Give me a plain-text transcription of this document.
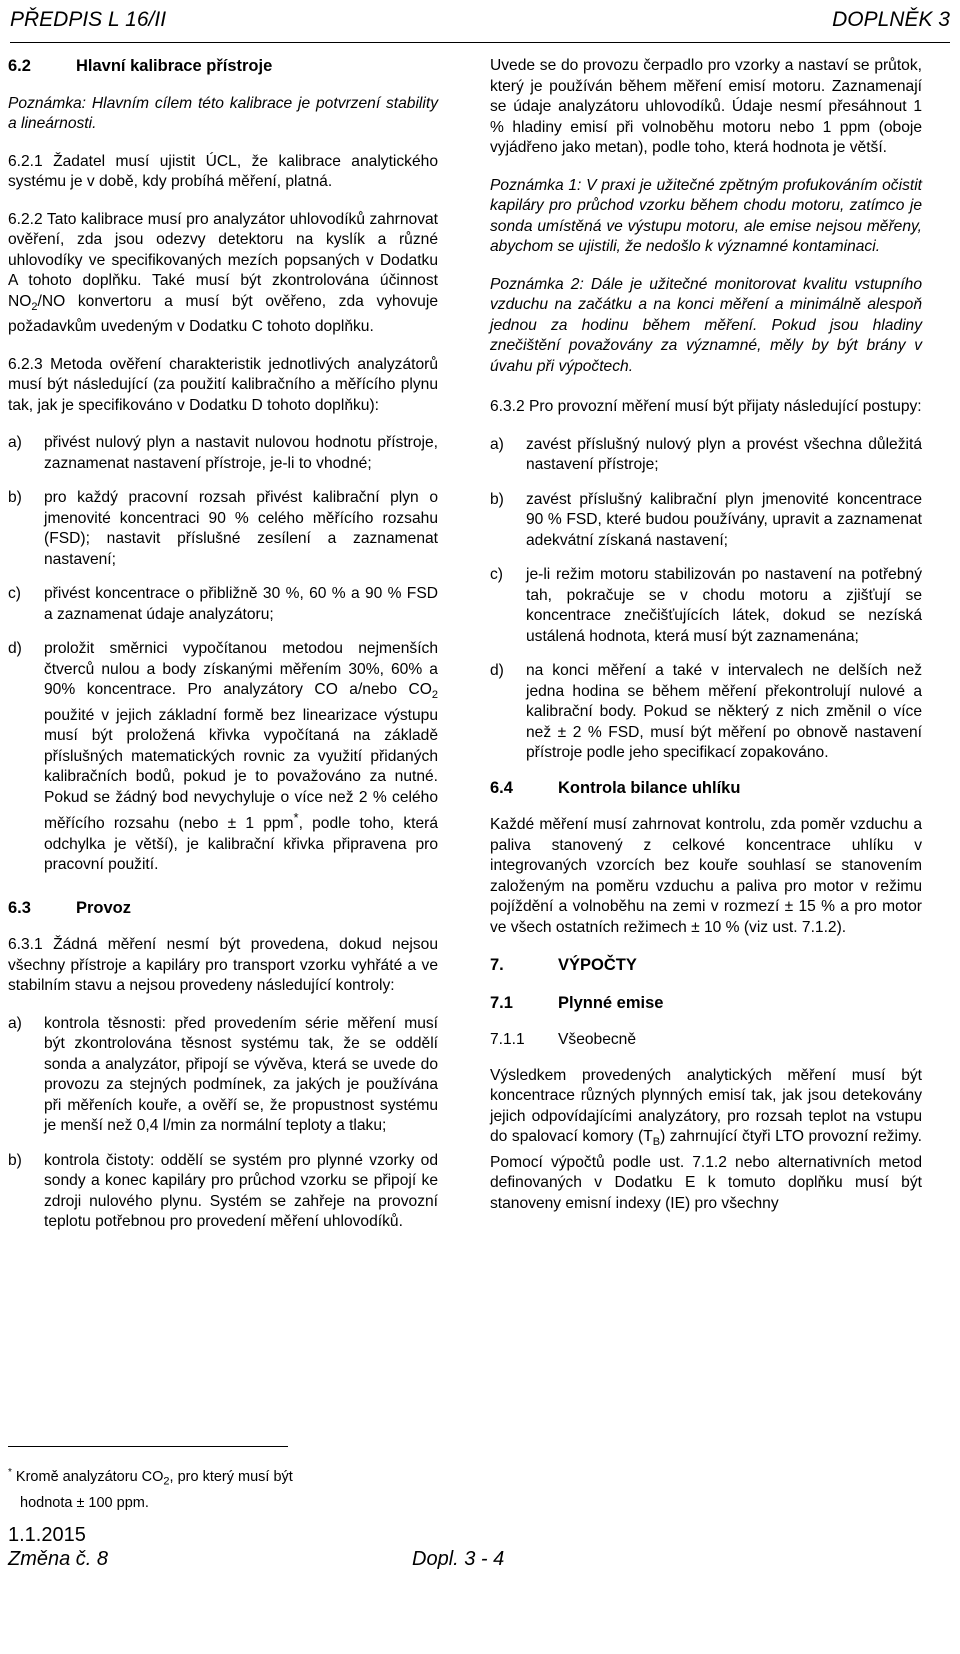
PŘEDPIS L 16/II	DOPLNĚK 3
6.2	Hlavní kalibrace přístroje

Poznámka: Hlavním cílem této kalibrace je potvrzení stability a lineárnosti.

6.2.1 Žadatel musí ujistit ÚCL, že kalibrace analytického systému je v době, kdy probíhá měření, platná.

6.2.2 Tato kalibrace musí pro analyzátor uhlovodíků zahrnovat ověření, zda jsou odezvy detektoru na kyslík a různé uhlovodíky ve specifikovaných mezích popsaných v Dodatku A tohoto doplňku. Také musí být zkontrolována účinnost $NO_2/NO$ konvertoru a musí být ověřeno, zda vyhovuje požadavkům uvedeným v Dodatku C tohoto doplňku.

6.2.3 Metoda ověření charakteristik jednotlivých analyzátorů musí být následující (za použití kalibračního a měřícího plynu tak, jak je specifikováno v Dodatku D tohoto doplňku):

a)	přivést nulový plyn a nastavit nulovou hodnotu přístroje, zaznamenat nastavení přístroje, je-li to vhodné;
b)	pro každý pracovní rozsah přivést kalibrační plyn o jmenovité koncentraci 90 % celého měřícího rozsahu (FSD); nastavit příslušné zesílení a zaznamenat nastavení;
c)	přivést koncentrace o přibližně 30 %, 60 % a 90 % FSD a zaznamenat údaje analyzátoru;
d)	proložit směrnici vypočítanou metodou nejmenších čtverců nulou a body získanými měřením 30%, 60% a 90% koncentrace. Pro analyzátory CO a/nebo $CO_2$ použité v jejich základní formě bez linearizace výstupu musí být proložená křivka vypočítaná na základě příslušných matematických rovnic za využití přidaných kalibračních bodů, pokud je to považováno za nutné. Pokud se žádný bod nevychyluje o více než 2 % celého měřícího rozsahu (nebo ± 1 ppm*, podle toho, která odchylka je větší), je kalibrační křivka připravena pro pracovní použití.
6.3	Provoz

6.3.1 Žádná měření nesmí být provedena, dokud nejsou všechny přístroje a kapiláry pro transport vzorku vyhřáté a ve stabilním stavu a nejsou provedeny následující kontroly:

a)	kontrola těsnosti: před provedením série měření musí být zkontrolována těsnost systému tak, že se oddělí sonda a analyzátor, připojí se vývěva, která se uvede do provozu za stejných podmínek, za jakých je používána při měřeních kouře, a ověří se, že propustnost systému je menší než 0,4 l/min za normální teploty a tlaku;
b)	kontrola čistoty: oddělí se systém pro plynné vzorky od sondy a konec kapiláry pro průchod vzorku se připojí ke zdroji nulového plynu. Systém se zahřeje na provozní teplotu potřebnou pro provedení měření uhlovodíků.
* Kromě analyzátoru $CO_2$, pro který musí být
hodnota ± 100 ppm.

Uvede se do provozu čerpadlo pro vzorky a nastaví se průtok, který je používán během měření emisí motoru. Zaznamenají se údaje analyzátoru uhlovodíků. Údaje nesmí přesáhnout 1 % hladiny emisí při volnoběhu motoru nebo 1 ppm (oboje vyjádřeno jako metan), podle toho, která hodnota je větší.

Poznámka 1: V praxi je užitečné zpětným profukováním očistit kapiláry pro průchod vzorku během chodu motoru, zatímco je sonda umístěná ve výstupu motoru, ale emise nejsou měřeny, abychom se ujistili, že nedošlo k významné kontaminaci.

Poznámka 2: Dále je užitečné monitorovat kvalitu vstupního vzduchu na začátku a na konci měření a minimálně alespoň jednou za hodinu během měření. Pokud jsou hladiny znečištění považovány za významné, měly by být brány v úvahu při výpočtech.

6.3.2 Pro provozní měření musí být přijaty následující postupy:

a)	zavést příslušný nulový plyn a provést všechna důležitá nastavení přístroje;
b)	zavést příslušný kalibrační plyn jmenovité koncentrace 90 % FSD, které budou používány, upravit a zaznamenat adekvátní získaná nastavení;
c)	je-li režim motoru stabilizován po nastavení na potřebný tah, pokračuje se v chodu motoru a zjišťují se koncentrace znečišťujících látek, dokud se nezíská ustálená hodnota, která musí být zaznamenána;
d)	na konci měření a také v intervalech ne delších než jedna hodina se během měření překontrolují nulové a kalibrační body. Pokud se některý z nich změnil o více než ± 2 % FSD, musí být měření po obnově nastavení přístroje podle jeho specifikací zopakováno.
6.4	Kontrola bilance uhlíku

Každé měření musí zahrnovat kontrolu, zda poměr vzduchu a paliva stanovený z celkové koncentrace uhlíku v integrovaných vzorcích bez kouře souhlasí se stanovením založeným na poměru vzduchu a paliva pro motor v režimu pojíždění a volnoběhu na zemi v rozmezí ± 15 % a pro motor ve všech ostatních režimech ± 10 % (viz ust. 7.1.2).

7.	VÝPOČTY
7.1	Plynné emise
7.1.1	Všeobecně

Výsledkem provedených analytických měření musí být koncentrace různých plynných emisí tak, jak jsou detekovány jejich odpovídajícími analyzátory, pro rozsah teplot na vstupu do spalovací komory $(T_B)$ zahrnující čtyři LTO provozní režimy. Pomocí výpočtů podle ust. 7.1.2 nebo alternativních metod definovaných v Dodatku E k tomuto doplňku musí být stanoveny emisní indexy (IE) pro všechny

1.1.2015
Změna č. 8	Dopl. 3 - 4
